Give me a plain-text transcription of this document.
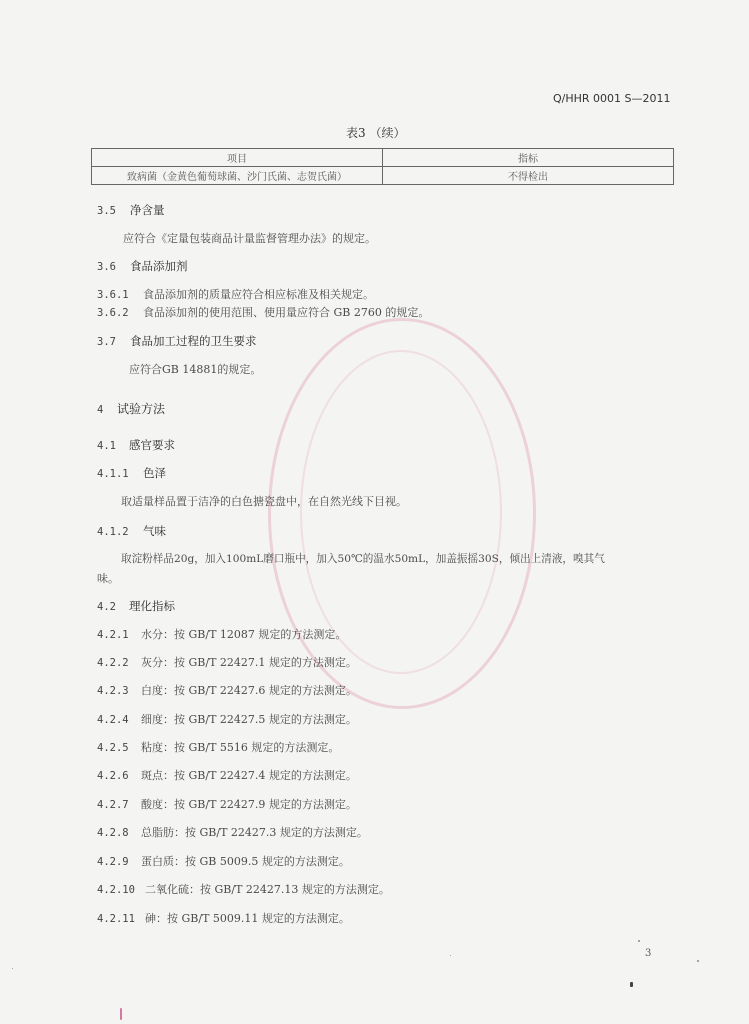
Q/HHR 0001 S—2011
表3 （续）
项目	指标
致病菌（金黄色葡萄球菌、沙门氏菌、志贺氏菌）	不得检出
3.5 净含量
应符合《定量包装商品计量监督管理办法》的规定。
3.6 食品添加剂
3.6.1 食品添加剂的质量应符合相应标准及相关规定。
3.6.2 食品添加剂的使用范围、使用量应符合 GB 2760 的规定。
3.7 食品加工过程的卫生要求
应符合GB 14881的规定。
4 试验方法
4.1 感官要求
4.1.1 色泽
取适量样品置于洁净的白色搪瓷盘中，在自然光线下目视。
4.1.2 气味
取淀粉样品20g，加入100mL磨口瓶中，加入50℃的温水50mL，加盖振摇30S，倾出上清液，嗅其气
味。
4.2 理化指标
4.2.1 水分：按 GB/T 12087 规定的方法测定。
4.2.2 灰分：按 GB/T 22427.1 规定的方法测定。
4.2.3 白度：按 GB/T 22427.6 规定的方法测定。
4.2.4 细度：按 GB/T 22427.5 规定的方法测定。
4.2.5 粘度：按 GB/T 5516 规定的方法测定。
4.2.6 斑点：按 GB/T 22427.4 规定的方法测定。
4.2.7 酸度：按 GB/T 22427.9 规定的方法测定。
4.2.8 总脂肪：按 GB/T 22427.3 规定的方法测定。
4.2.9 蛋白质：按 GB 5009.5 规定的方法测定。
4.2.10 二氧化硫：按 GB/T 22427.13 规定的方法测定。
4.2.11 砷：按 GB/T 5009.11 规定的方法测定。
3
